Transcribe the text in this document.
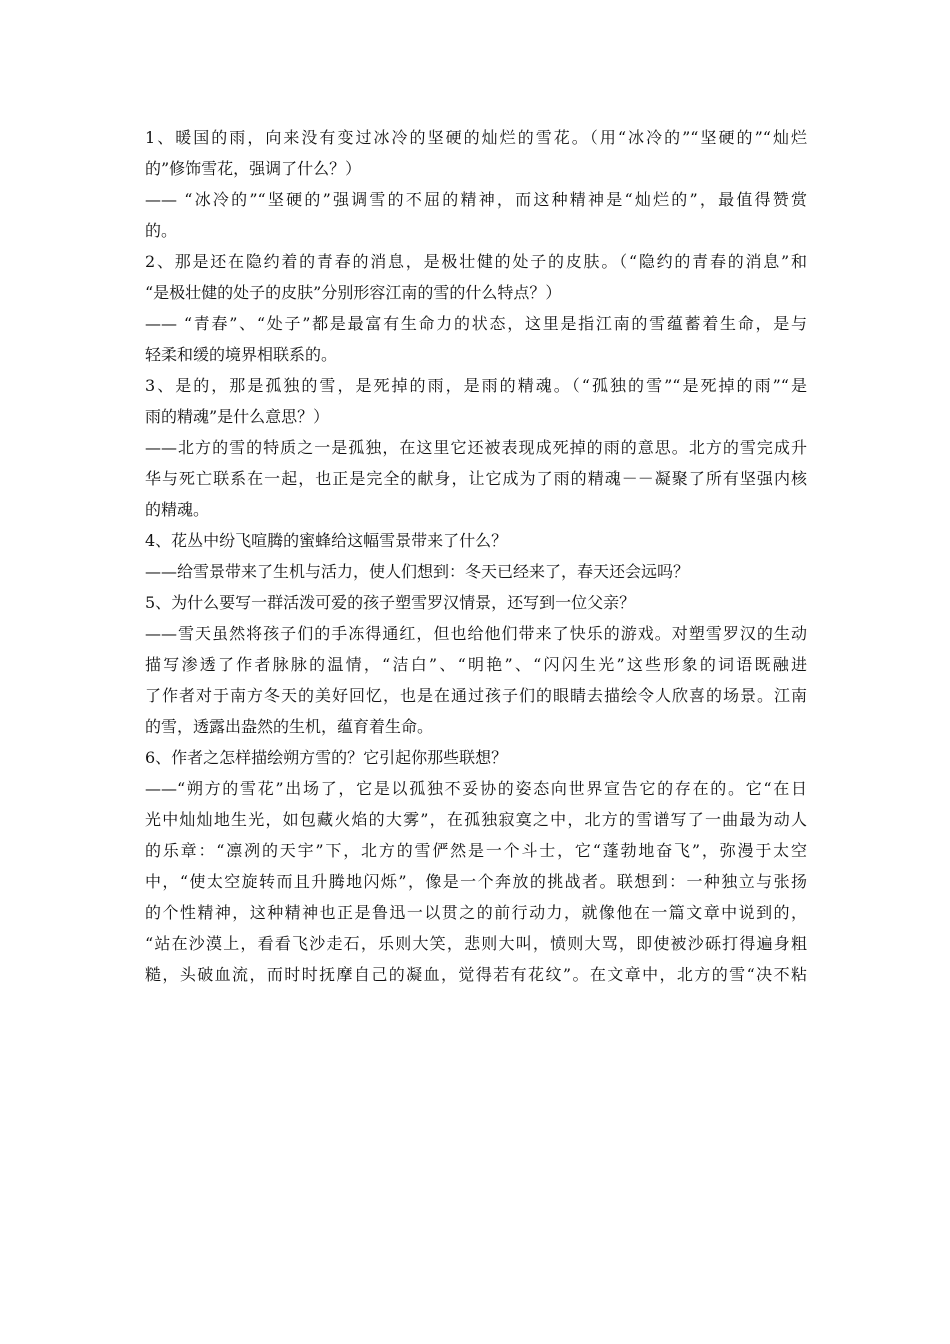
1、暖国的雨，向来没有变过冰冷的坚硬的灿烂的雪花。（用“冰冷的”“坚硬的”“灿烂
的”修饰雪花，强调了什么？）
—— “冰冷的”“坚硬的”强调雪的不屈的精神，而这种精神是“灿烂的”，最值得赞赏
的。
2、那是还在隐约着的青春的消息，是极壮健的处子的皮肤。（“隐约的青春的消息”和
“是极壮健的处子的皮肤”分别形容江南的雪的什么特点？）
—— “青春”、“处子”都是最富有生命力的状态，这里是指江南的雪蕴蓄着生命，是与
轻柔和缓的境界相联系的。
3、是的，那是孤独的雪，是死掉的雨，是雨的精魂。（“孤独的雪”“是死掉的雨”“是
雨的精魂”是什么意思？）
——北方的雪的特质之一是孤独，在这里它还被表现成死掉的雨的意思。北方的雪完成升
华与死亡联系在一起，也正是完全的献身，让它成为了雨的精魂－－凝聚了所有坚强内核
的精魂。
4、花丛中纷飞喧腾的蜜蜂给这幅雪景带来了什么？
——给雪景带来了生机与活力，使人们想到：冬天已经来了，春天还会远吗？
5、为什么要写一群活泼可爱的孩子塑雪罗汉情景，还写到一位父亲？
——雪天虽然将孩子们的手冻得通红，但也给他们带来了快乐的游戏。对塑雪罗汉的生动
描写渗透了作者脉脉的温情，“洁白”、“明艳”、“闪闪生光”这些形象的词语既融进
了作者对于南方冬天的美好回忆，也是在通过孩子们的眼睛去描绘令人欣喜的场景。江南
的雪，透露出盎然的生机，蕴育着生命。
6、作者之怎样描绘朔方雪的？它引起你那些联想？
——“朔方的雪花”出场了，它是以孤独不妥协的姿态向世界宣告它的存在的。它“在日
光中灿灿地生光，如包藏火焰的大雾”，在孤独寂寞之中，北方的雪谱写了一曲最为动人
的乐章：“凛冽的天宇”下，北方的雪俨然是一个斗士，它“蓬勃地奋飞”，弥漫于太空
中，“使太空旋转而且升腾地闪烁”，像是一个奔放的挑战者。联想到：一种独立与张扬
的个性精神，这种精神也正是鲁迅一以贯之的前行动力，就像他在一篇文章中说到的，
“站在沙漠上，看看飞沙走石，乐则大笑，悲则大叫，愤则大骂，即使被沙砾打得遍身粗
糙，头破血流，而时时抚摩自己的凝血，觉得若有花纹”。在文章中，北方的雪“决不粘
